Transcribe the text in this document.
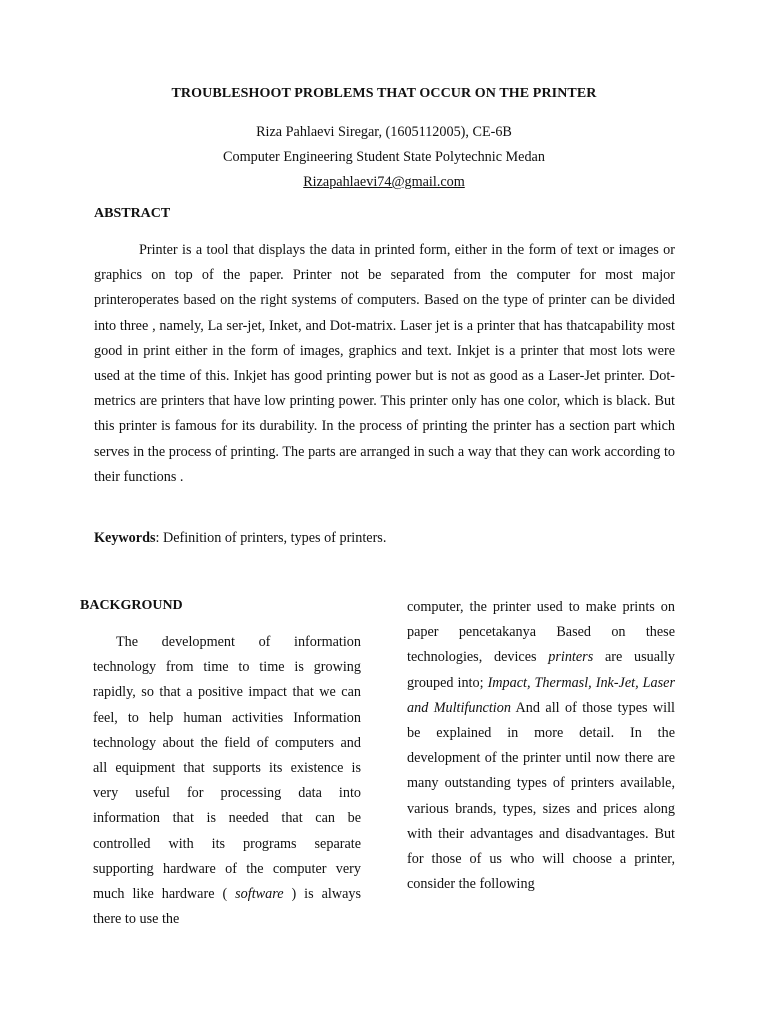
TROUBLESHOOT PROBLEMS THAT OCCUR ON THE PRINTER
Riza Pahlaevi Siregar, (1605112005), CE-6B
Computer Engineering Student State Polytechnic Medan
Rizapahlaevi74@gmail.com
ABSTRACT

Printer is a tool that displays the data in printed form, either in the form of text or images or graphics on top of the paper. Printer not be separated from the computer for most major printeroperates based on the right systems of computers. Based on the type of printer can be divided into three , namely, La ser-jet, Inket, and Dot-matrix. Laser jet is a printer that has thatcapability most good in print either in the form of images, graphics and text. Inkjet is a printer that most lots were used at the time of this. Inkjet has good printing power but is not as good as a Laser-Jet printer. Dot-metrics are printers that have low printing power. This printer only has one color, which is black. But this printer is famous for its durability. In the process of printing the printer has a section part which serves in the process of printing. The parts are arranged in such a way that they can work according to their functions .

Keywords: Definition of printers, types of printers.

BACKGROUND

The development of information technology from time to time is growing rapidly, so that a positive impact that we can feel, to help human activities Information technology about the field of computers and all equipment that supports its existence is very useful for processing data into information that is needed that can be controlled with its programs separate supporting hardware of the computer very much like hardware ( software ) is always there to use the

computer, the printer used to make prints on paper pencetakanya Based on these technologies, devices printers are usually grouped into; Impact, Thermasl, Ink-Jet, Laser and Multifunction And all of those types will be explained in more detail. In the development of the printer until now there are many outstanding types of printers available, various brands, types, sizes and prices along with their advantages and disadvantages. But for those of us who will choose a printer, consider the following
